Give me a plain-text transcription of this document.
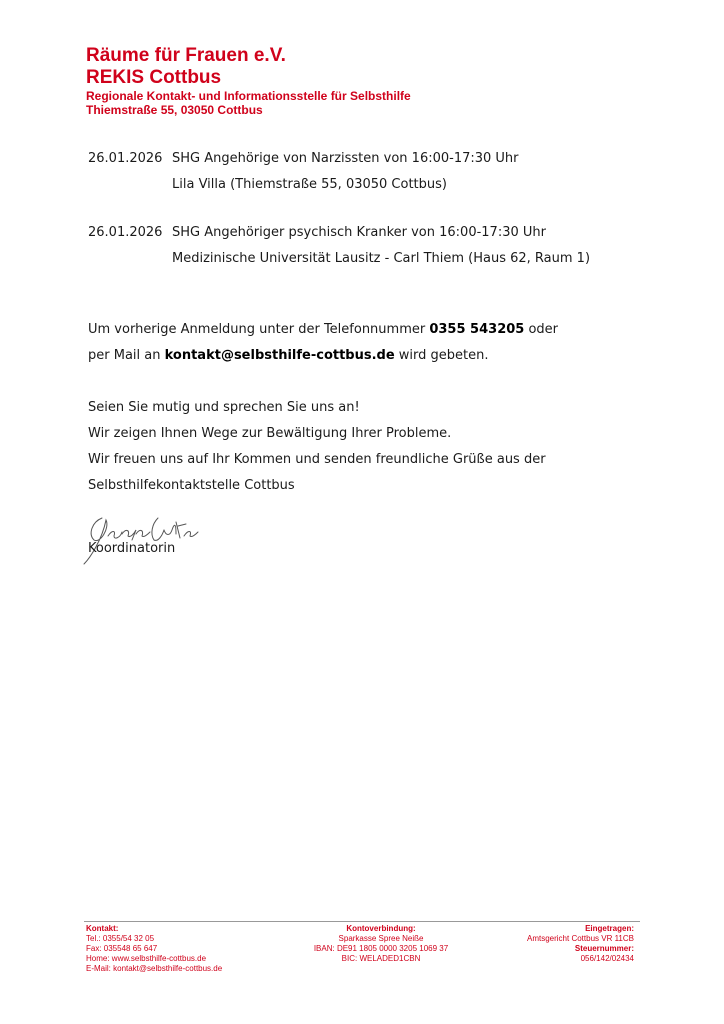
Räume für Frauen e.V.

REKIS Cottbus

Regionale Kontakt- und Informationsstelle für Selbsthilfe

Thiemstraße 55, 03050 Cottbus

26.01.2026 SHG Angehörige von Narzissten von 16:00-17:30 Uhr
Lila Villa (Thiemstraße 55, 03050 Cottbus)
26.01.2026 SHG Angehöriger psychisch Kranker von 16:00-17:30 Uhr
Medizinische Universität Lausitz - Carl Thiem (Haus 62, Raum 1)

Um vorherige Anmeldung unter der Telefonnummer 0355 543205 oder

per Mail an kontakt@selbsthilfe-cottbus.de wird gebeten.

Seien Sie mutig und sprechen Sie uns an!

Wir zeigen Ihnen Wege zur Bewältigung Ihrer Probleme.

Wir freuen uns auf Ihr Kommen und senden freundliche Grüße aus der

Selbsthilfekontaktstelle Cottbus

Koordinatorin
Kontakt:
Tel.: 0355/54 32 05
Fax: 035548 65 647
Home: www.selbsthilfe-cottbus.de
E-Mail: kontakt@selbsthilfe-cottbus.de
Kontoverbindung:
Sparkasse Spree Neiße
IBAN: DE91 1805 0000 3205 1069 37
BIC: WELADED1CBN
Eingetragen:
Amtsgericht Cottbus VR 11CB
Steuernummer:
056/142/02434
